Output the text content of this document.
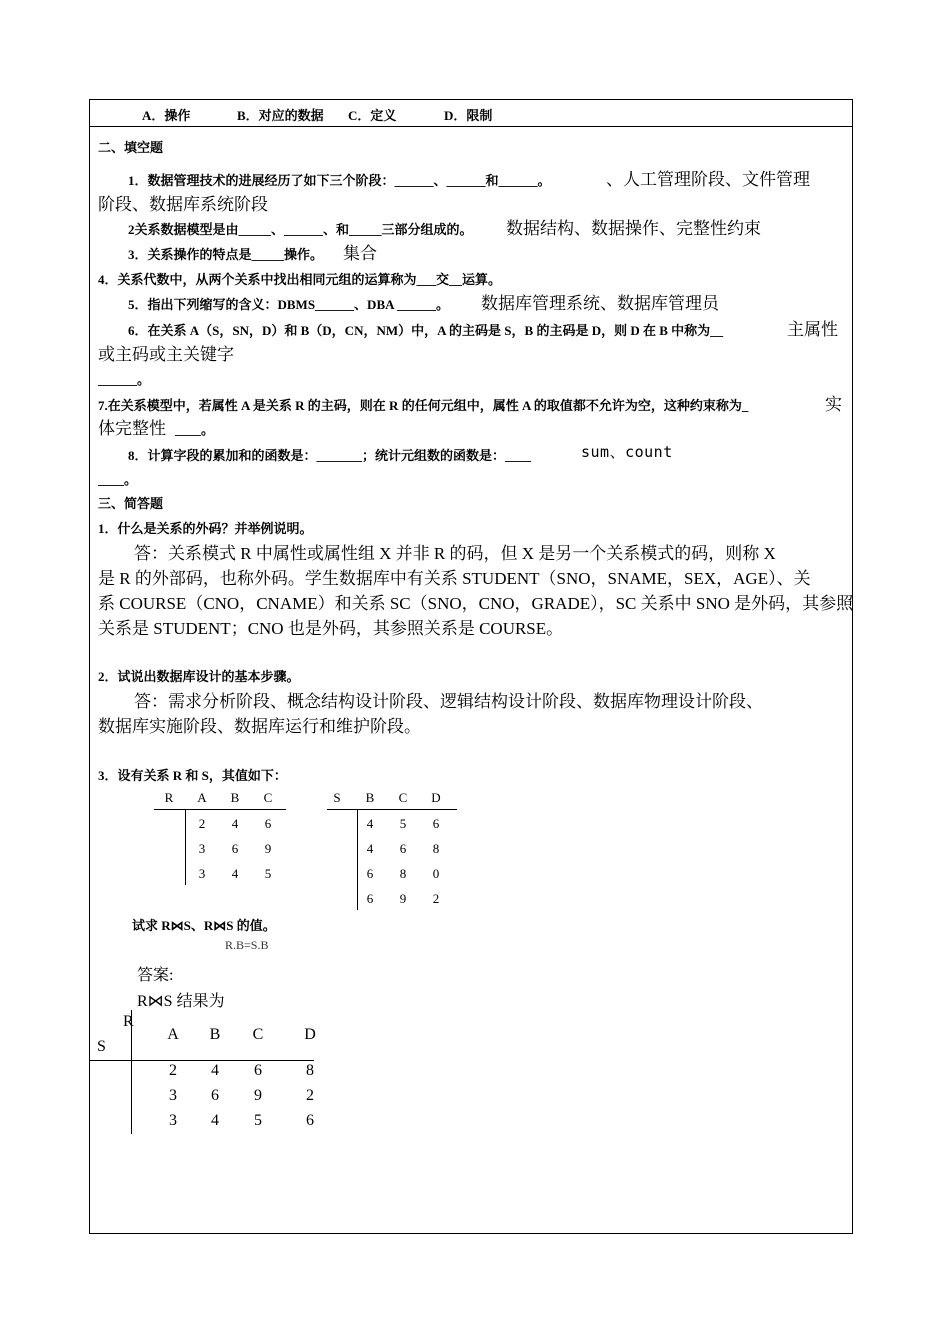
A．操作	B．对应的数据 C．定义	D．限制
二、填空题
1．数据管理技术的进展经历了如下三个阶段：______、______和______。	、人工管理阶段、文件管理
阶段、数据库系统阶段
2关系数据模型是由_____、______、和_____三部分组成的。 数据结构、数据操作、完整性约束
3．关系操作的特点是_____操作。 集合
4．关系代数中，从两个关系中找出相同元组的运算称为___交__运算。
5．指出下列缩写的含义：DBMS______、DBA ______。 数据库管理系统、数据库管理员
6．在关系 A（S，SN，D）和 B（D，CN，NM）中，A 的主码是 S，B 的主码是 D，则 D 在 B 中称为__	主属性
或主码或主关键字
______。
7.在关系模型中，若属性 A 是关系 R 的主码，则在 R 的任何元组中，属性 A 的取值都不允许为空，这种约束称为_	实
体完整性 ____。
8．计算字段的累加和的函数是：_______；统计元组数的函数是：____	sum、count
____。
三、简答题
1．什么是关系的外码？并举例说明。
答：关系模式 R 中属性或属性组 X 并非 R 的码，但 X 是另一个关系模式的码，则称 X
是 R 的外部码，也称外码。学生数据库中有关系 STUDENT（SNO，SNAME，SEX，AGE）、关
系 COURSE（CNO，CNAME）和关系 SC（SNO，CNO，GRADE），SC 关系中 SNO 是外码，其参照
关系是 STUDENT；CNO 也是外码，其参照关系是 COURSE。
2．试说出数据库设计的基本步骤。
答：需求分析阶段、概念结构设计阶段、逻辑结构设计阶段、数据库物理设计阶段、
数据库实施阶段、数据库运行和维护阶段。
3．设有关系 R 和 S，其值如下：
R	A	B	C
2	4	6
3	6	9
3	4	5
S	B	C	D
4	5	6
4	6	8
6	8	0
6	9	2
试求 R⋈S、R⋈S 的值。
R.B=S.B
答案:
R⋈S 结果为
R
S
A	B	C	D
2	4	6	8
3	6	9	2
3	4	5	6
